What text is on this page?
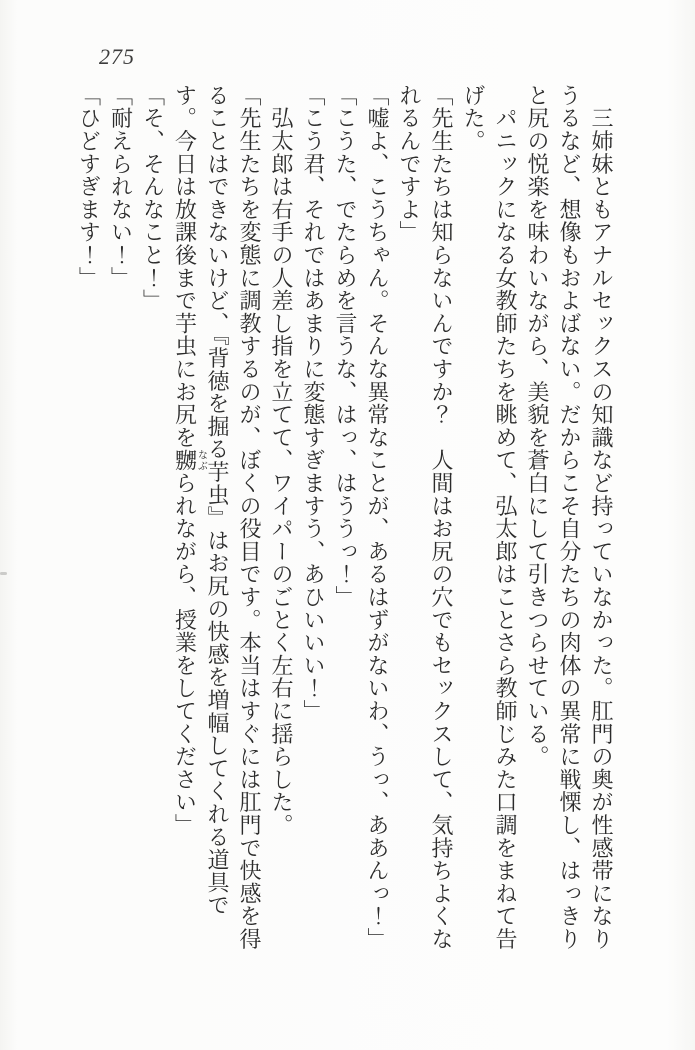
275

　三姉妹ともアナルセックスの知識など持っていなかった。肛門の奥が性感帯になりうるなど、想像もおよばない。だからこそ自分たちの肉体の異常に戦慄し、はっきりと尻の悦楽を味わいながら、美貌を蒼白にして引きつらせている。

　パニックになる女教師たちを眺めて、弘太郎はことさら教師じみた口調をまねて告げた。

「先生たちは知らないんですか？　人間はお尻の穴でもセックスして、気持ちよくなれるんですよ」

「嘘よ、こうちゃん。そんな異常なことが、あるはずがないわ、うっ、ああんっ！」

「こうた、でたらめを言うな、はっ、はううっ！」

「こう君、それではあまりに変態すぎますう、あひいいい！」

　弘太郎は右手の人差し指を立てて、ワイパーのごとく左右に揺らした。

「先生たちを変態に調教するのが、ぼくの役目です。本当はすぐには肛門で快感を得ることはできないけど、『背徳を掘る芋虫』はお尻の快感を増幅してくれる道具です。今日は放課後まで芋虫にお尻を嬲なぶられながら、授業をしてください」

「そ、そんなこと！」

「耐えられない！」

「ひどすぎます！」
